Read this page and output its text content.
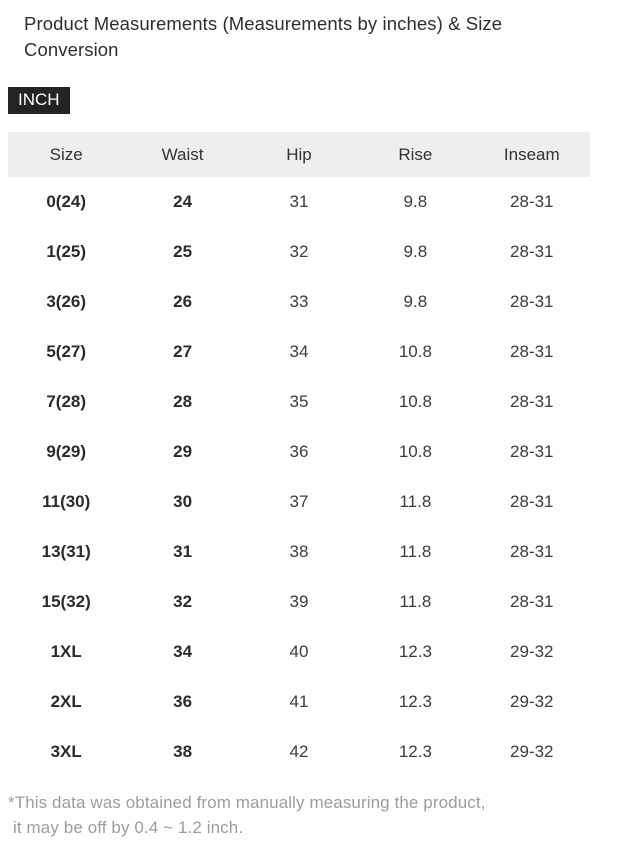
Product Measurements (Measurements by inches) & Size
Conversion
INCH
Size	Waist	Hip	Rise	Inseam
0(24)	24	31	9.8	28-31
1(25)	25	32	9.8	28-31
3(26)	26	33	9.8	28-31
5(27)	27	34	10.8	28-31
7(28)	28	35	10.8	28-31
9(29)	29	36	10.8	28-31
11(30)	30	37	11.8	28-31
13(31)	31	38	11.8	28-31
15(32)	32	39	11.8	28-31
1XL	34	40	12.3	29-32
2XL	36	41	12.3	29-32
3XL	38	42	12.3	29-32

*This data was obtained from manually measuring the product,
it may be off by 0.4 ~ 1.2 inch.
